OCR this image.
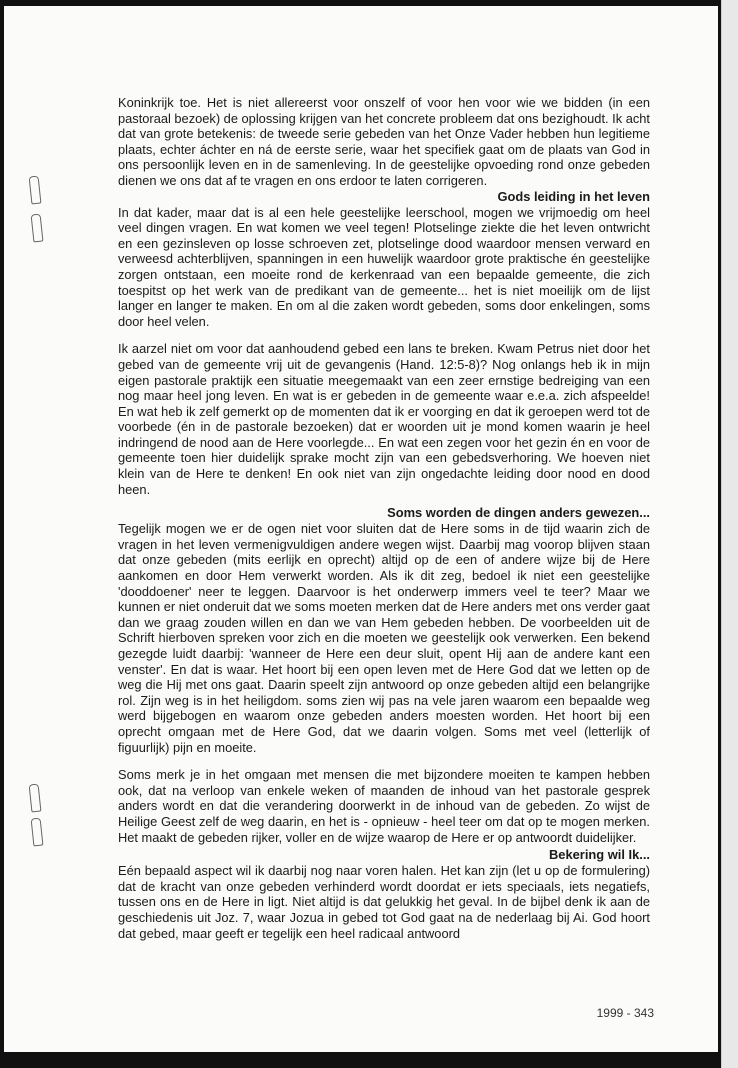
Koninkrijk toe. Het is niet allereerst voor onszelf of voor hen voor wie we bidden (in een pastoraal bezoek) de oplossing krijgen van het concrete probleem dat ons bezighoudt. Ik acht dat van grote betekenis: de tweede serie gebeden van het Onze Vader hebben hun legitieme plaats, echter áchter en ná de eerste serie, waar het specifiek gaat om de plaats van God in ons persoonlijk leven en in de samenleving. In de geestelijke opvoeding rond onze gebeden dienen we ons dat af te vragen en ons erdoor te laten corrigeren.

Gods leiding in het leven

In dat kader, maar dat is al een hele geestelijke leerschool, mogen we vrijmoedig om heel veel dingen vragen. En wat komen we veel tegen! Plotselinge ziekte die het leven ontwricht en een gezinsleven op losse schroeven zet, plotselinge dood waardoor mensen verward en verweesd achterblijven, spanningen in een huwelijk waardoor grote praktische én geestelijke zorgen ontstaan, een moeite rond de kerkenraad van een bepaalde gemeente, die zich toespitst op het werk van de predikant van de gemeente... het is niet moeilijk om de lijst langer en langer te maken. En om al die zaken wordt gebeden, soms door enkelingen, soms door heel velen.

Ik aarzel niet om voor dat aanhoudend gebed een lans te breken. Kwam Petrus niet door het gebed van de gemeente vrij uit de gevangenis (Hand. 12:5-8)? Nog onlangs heb ik in mijn eigen pastorale praktijk een situatie meegemaakt van een zeer ernstige bedreiging van een nog maar heel jong leven. En wat is er gebeden in de gemeente waar e.e.a. zich afspeelde! En wat heb ik zelf gemerkt op de momenten dat ik er voorging en dat ik geroepen werd tot de voorbede (én in de pastorale bezoeken) dat er woorden uit je mond komen waarin je heel indringend de nood aan de Here voorlegde... En wat een zegen voor het gezin én en voor de gemeente toen hier duidelijk sprake mocht zijn van een gebedsverhoring. We hoeven niet klein van de Here te denken! En ook niet van zijn ongedachte leiding door nood en dood heen.

Soms worden de dingen anders gewezen...

Tegelijk mogen we er de ogen niet voor sluiten dat de Here soms in de tijd waarin zich de vragen in het leven vermenigvuldigen andere wegen wijst. Daarbij mag voorop blijven staan dat onze gebeden (mits eerlijk en oprecht) altijd op de een of andere wijze bij de Here aankomen en door Hem verwerkt worden. Als ik dit zeg, bedoel ik niet een geestelijke 'dooddoener' neer te leggen. Daarvoor is het onderwerp immers veel te teer? Maar we kunnen er niet onderuit dat we soms moeten merken dat de Here anders met ons verder gaat dan we graag zouden willen en dan we van Hem gebeden hebben. De voorbeelden uit de Schrift hierboven spreken voor zich en die moeten we geestelijk ook verwerken. Een bekend gezegde luidt daarbij: 'wanneer de Here een deur sluit, opent Hij aan de andere kant een venster'. En dat is waar. Het hoort bij een open leven met de Here God dat we letten op de weg die Hij met ons gaat. Daarin speelt zijn antwoord op onze gebeden altijd een belangrijke rol. Zijn weg is in het heiligdom. soms zien wij pas na vele jaren waarom een bepaalde weg werd bijgebogen en waarom onze gebeden anders moesten worden. Het hoort bij een oprecht omgaan met de Here God, dat we daarin volgen. Soms met veel (letterlijk of figuurlijk) pijn en moeite.

Soms merk je in het omgaan met mensen die met bijzondere moeiten te kampen hebben ook, dat na verloop van enkele weken of maanden de inhoud van het pastorale gesprek anders wordt en dat die verandering doorwerkt in de inhoud van de gebeden. Zo wijst de Heilige Geest zelf de weg daarin, en het is - opnieuw - heel teer om dat op te mogen merken. Het maakt de gebeden rijker, voller en de wijze waarop de Here er op antwoordt duidelijker.

Bekering wil Ik...

Eén bepaald aspect wil ik daarbij nog naar voren halen. Het kan zijn (let u op de formulering) dat de kracht van onze gebeden verhinderd wordt doordat er iets speciaals, iets negatiefs, tussen ons en de Here in ligt. Niet altijd is dat gelukkig het geval. In de bijbel denk ik aan de geschiedenis uit Joz. 7, waar Jozua in gebed tot God gaat na de nederlaag bij Ai. God hoort dat gebed, maar geeft er tegelijk een heel radicaal antwoord

1999 - 343
